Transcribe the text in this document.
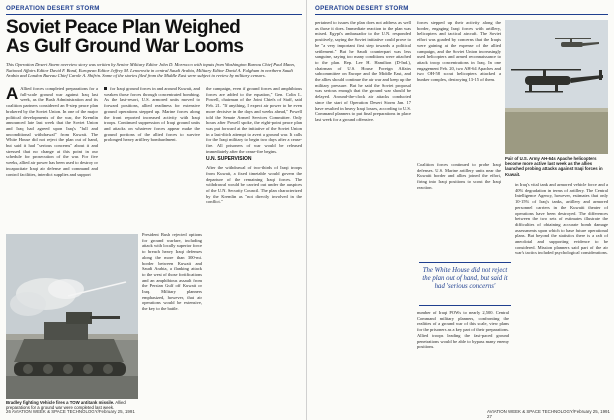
OPERATION DESERT STORM
Soviet Peace Plan Weighed
As Gulf Ground War Looms
This Operation Desert Storm overview story was written by Senior Military Editor John D. Morrocco with inputs from Washington Bureau Chief Paul Mann, National Affairs Editor David F. Bond, European Editor Jeffrey M. Lenorovitz in central Saudi Arabia, Military Editor David A. Fulghum in northern Saudi Arabia and London Bureau Chief Carole A. Shifrin. Some of the stories filed from the Middle East were subject to review by military censors.
A Allied forces completed preparations for a full-scale ground war against Iraq last week, as the Bush Administration and its coalition partners considered an 8-step peace plan brokered by the Soviet Union. In one of the major political developments of the war, the Kremlin announced late last week that the Soviet Union and Iraq had agreed upon Iraq's "full and unconditional withdrawal" from Kuwait. The White House did not reject the plan out of hand, but said it had "serious concerns" about it and stressed that no change at this point in our schedule for prosecution of the war. For five weeks, allied air power has been used to destroy or incapacitate Iraqi air defense and command and control facilities, interdict supplies and support
for Iraqi ground forces in and around Kuwait, and weaken those forces through concentrated bombing. As the last-resort, U.S. armored units moved to forward positions, allied readiness for extensive ground operations stepped up. Marine forces along the front reported increased activity with Iraqi troops. Continued suppression of Iraqi ground units and attacks on whatever forces appear make the ground portions of the allied forces to survive prolonged heavy artillery bombardment.
the campaign, even if ground forces and amphibious forces are added to the equation," Gen. Colin L. Powell, chairman of the Joint Chiefs of Staff, said Feb. 21. "If anything, I expect air power to be even more decisive in the days and weeks ahead," Powell told the Senate Armed Services Committee. Only hours after Powell spoke, the eight-point peace plan was put forward at the initiative of the Soviet Union in a last-ditch attempt to avert a ground war. It calls for the Iraqi military to begin two days after a cease-fire. All prisoners of war would be released immediately after the cease-fire begins.
U.N. SUPERVISION
After the withdrawal of two-thirds of Iraqi troops from Kuwait, a fixed timetable would govern the departure of the remaining Iraqi forces. The withdrawal would be carried out under the auspices of the U.N. Security Council. The plan characterized by the Kremlin as "not directly involved in the conflict."
President Bush rejected options for ground warfare, including attack with locally superior force to breach heavy Iraqi defenses along the more than 300-mi. border between Kuwait and Saudi Arabia, a flanking attack to the west of those fortifications and an amphibious assault from the Persian Gulf off Kuwait or Iraq. Military planners emphasized, however, that air operations would be extensive, the key to the battle.
Bradley fighting Vehicle fires a TOW antitank missile. Allied preparations for a ground war were completed last week.
26 AVIATION WEEK & SPACE TECHNOLOGY/February 25, 1991
OPERATION DESERT STORM
pertained to issues the plan does not address as well as those it does. Immediate reaction to the plan was mixed. Egypt's ambassador to the U.N. responded positively, saying the Soviet initiative could prove to be "a very important first step towards a political settlement." But he Saudi counterpart was less sanguine, saying too many conditions were attached to the plan. Rep. Lee H. Hamilton (D-Ind.), chairman of U.S. House Foreign Affairs subcommittee on Europe and the Middle East, and the allies should continue the air war and keep up the military pressure. But he said the Soviet proposal was serious enough that the ground war should be delayed. Around-the-clock air attacks conducted since the start of Operation Desert Storm Jan. 17 have resulted in heavy Iraqi losses, according to U.S. Command planners to put final preparations in place last week for a ground offensive.
forces stepped up their activity along the border, engaging Iraqi forces with artillery, helicopters and tactical aircraft. The Soviet effort was goaded by concerns that the Iraqis were gaining at the expense of the allied campaign, and the Soviet Union increasingly used helicopters and armed reconnaissance to attack troop concentrations in Iraq. In one engagement Feb. 20, two AH-64 Apaches and two OH-58 scout helicopters attacked a bunker complex, destroying 13-15 of them.
Pair of U.S. Army AH-64s Apache helicopters become more active last week as the allies launched probing attacks against Iraqi forces in Kuwait.
Coalition forces continued to probe Iraqi defenses. U.S. Marine artillery units near the Kuwaiti border and allies joined the effort, firing into Iraqi positions to scout the Iraqi reaction.
The White House did not reject the plan out of hand, but said it had 'serious concerns'
number of Iraqi POWs to nearly 2,500. Central Command military planners, confronting the realities of a ground war of this scale, view plans for the prisoners as a key part of their preparations. Allied troops leading the fast-paced ground penetrations would be able to bypass many enemy positions.
in Iraq's vital tank and armored vehicle force and a 40% degradation in terms of artillery. The Central Intelligence Agency, however, estimates that only 10-15% of Iraq's tanks, artillery and armored personnel carriers in the Kuwaiti theater of operations have been destroyed. The differences between the two sets of estimates illustrate the difficulties of obtaining accurate bomb damage assessments upon which to base future operational plans. But beyond the statistics there is a raft of anecdotal and supporting evidence to be considered. Mission planners said part of the air war's tactics included psychological considerations.
AVIATION WEEK & SPACE TECHNOLOGY/February 25, 1991 27
